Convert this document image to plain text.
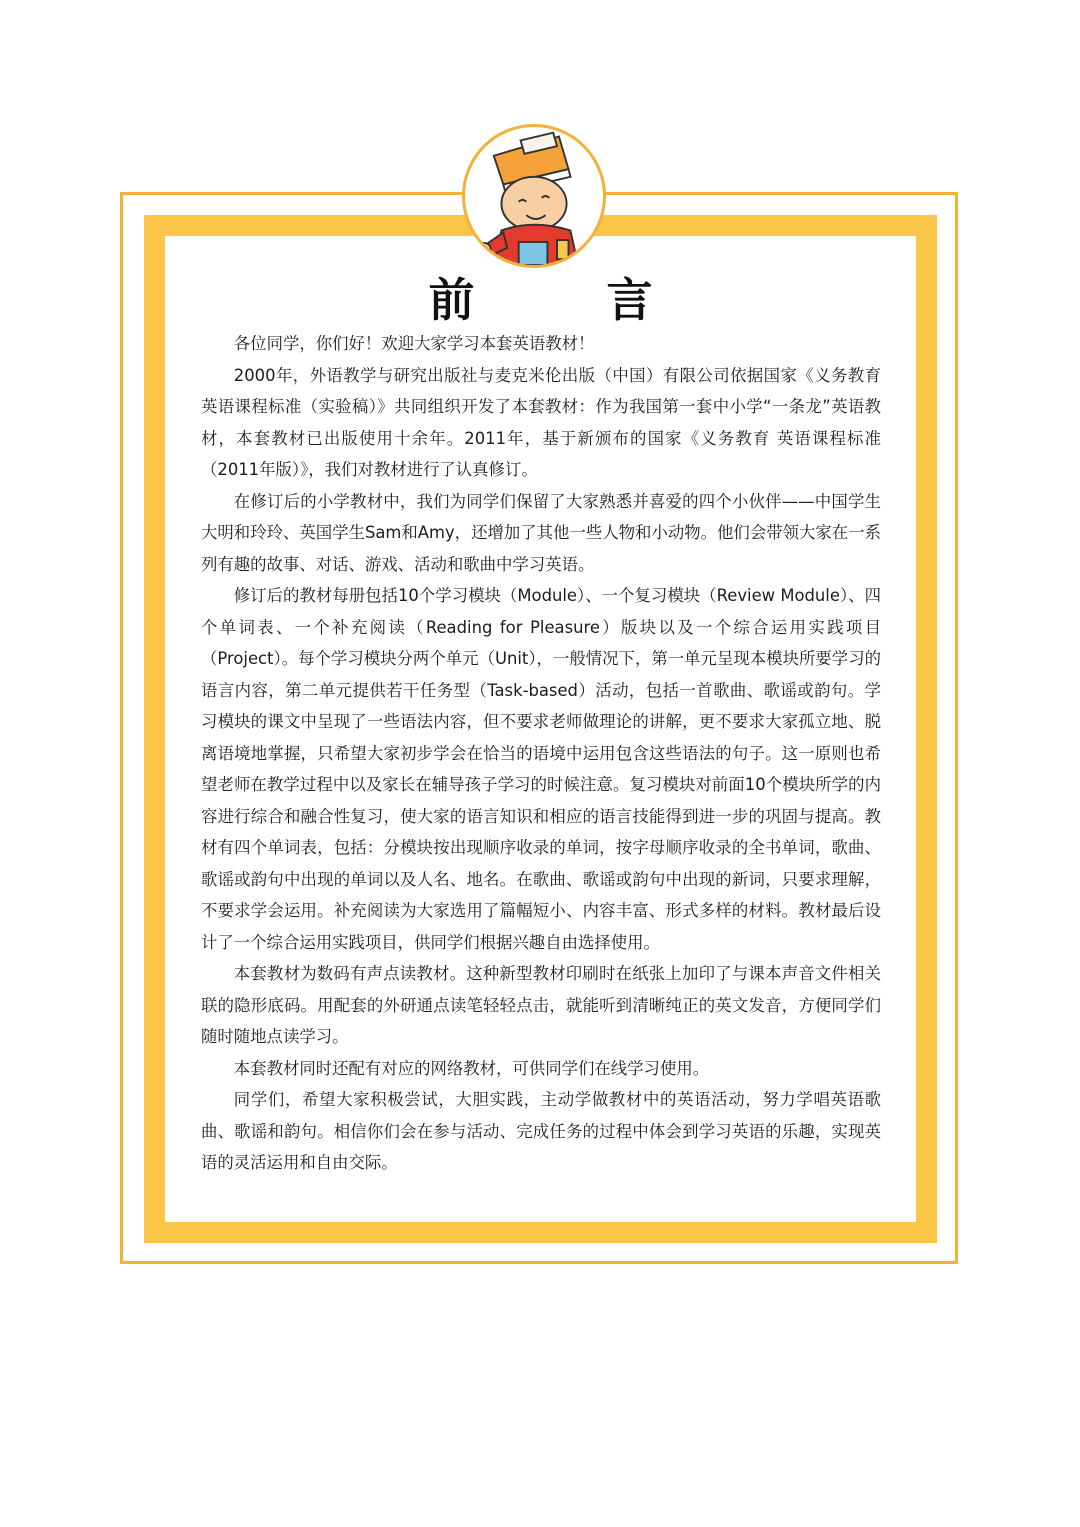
前言

各位同学，你们好！欢迎大家学习本套英语教材！

2000年，外语教学与研究出版社与麦克米伦出版（中国）有限公司依据国家《义务教育 英语课程标准（实验稿）》共同组织开发了本套教材：作为我国第一套中小学“一条龙”英语教材，本套教材已出版使用十余年。2011年，基于新颁布的国家《义务教育 英语课程标准（2011年版）》，我们对教材进行了认真修订。

在修订后的小学教材中，我们为同学们保留了大家熟悉并喜爱的四个小伙伴——中国学生大明和玲玲、英国学生Sam和Amy，还增加了其他一些人物和小动物。他们会带领大家在一系列有趣的故事、对话、游戏、活动和歌曲中学习英语。

修订后的教材每册包括10个学习模块（Module）、一个复习模块（Review Module）、四个单词表、一个补充阅读（Reading for Pleasure）版块以及一个综合运用实践项目（Project）。每个学习模块分两个单元（Unit），一般情况下，第一单元呈现本模块所要学习的语言内容，第二单元提供若干任务型（Task-based）活动，包括一首歌曲、歌谣或韵句。学习模块的课文中呈现了一些语法内容，但不要求老师做理论的讲解，更不要求大家孤立地、脱离语境地掌握，只希望大家初步学会在恰当的语境中运用包含这些语法的句子。这一原则也希望老师在教学过程中以及家长在辅导孩子学习的时候注意。复习模块对前面10个模块所学的内容进行综合和融合性复习，使大家的语言知识和相应的语言技能得到进一步的巩固与提高。教材有四个单词表，包括：分模块按出现顺序收录的单词，按字母顺序收录的全书单词，歌曲、歌谣或韵句中出现的单词以及人名、地名。在歌曲、歌谣或韵句中出现的新词，只要求理解，不要求学会运用。补充阅读为大家选用了篇幅短小、内容丰富、形式多样的材料。教材最后设计了一个综合运用实践项目，供同学们根据兴趣自由选择使用。

本套教材为数码有声点读教材。这种新型教材印刷时在纸张上加印了与课本声音文件相关联的隐形底码。用配套的外研通点读笔轻轻点击，就能听到清晰纯正的英文发音，方便同学们随时随地点读学习。

本套教材同时还配有对应的网络教材，可供同学们在线学习使用。

同学们，希望大家积极尝试，大胆实践，主动学做教材中的英语活动，努力学唱英语歌曲、歌谣和韵句。相信你们会在参与活动、完成任务的过程中体会到学习英语的乐趣，实现英语的灵活运用和自由交际。
